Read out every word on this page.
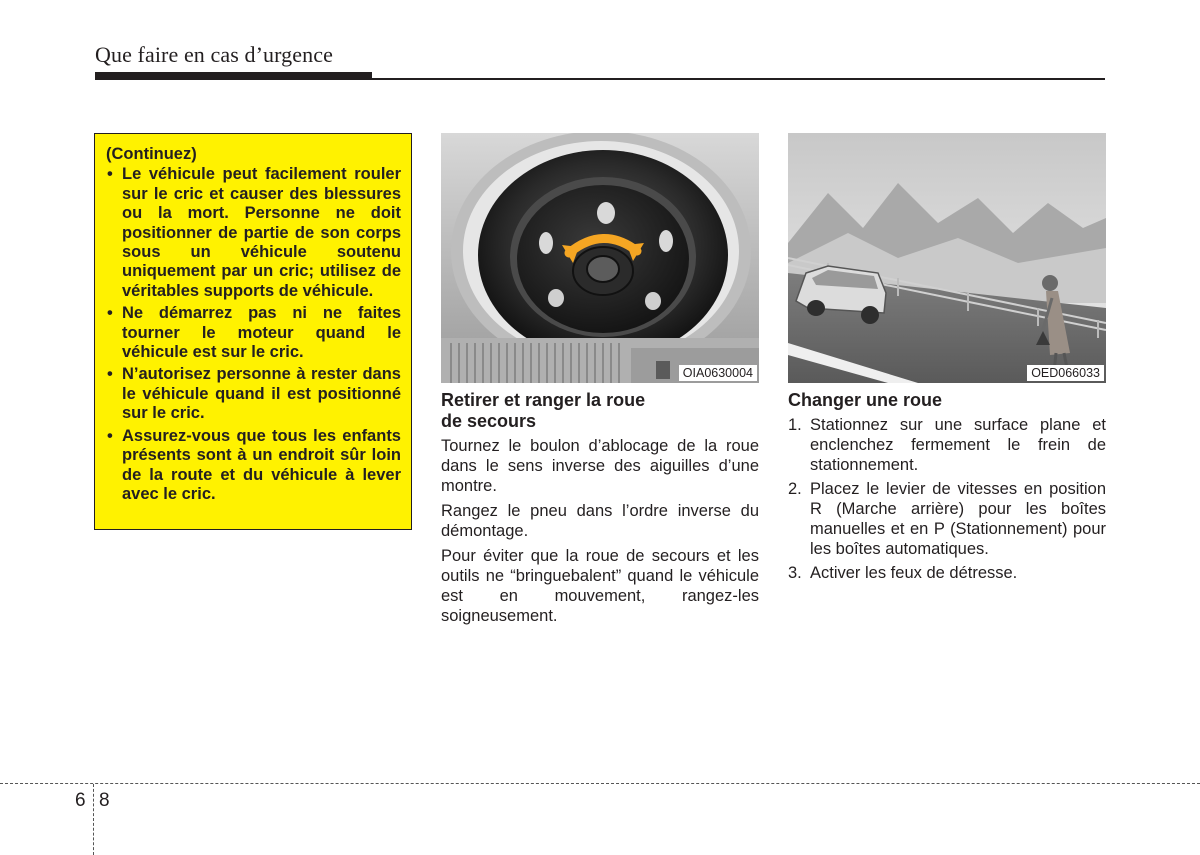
Que faire en cas d’urgence
(Continuez)
• Le véhicule peut facilement rouler sur le cric et causer des blessures ou la mort. Personne ne doit positionner de partie de son corps sous un véhicule soutenu uniquement par un cric; utilisez de véritables supports de véhicule.
• Ne démarrez pas ni ne faites tourner le moteur quand le véhicule est sur le cric.
• N’autorisez personne à rester dans le véhicule quand il est positionné sur le cric.
• Assurez-vous que tous les enfants présents sont à un endroit sûr loin de la route et du véhicule à lever avec le cric.
OIA0630004	OED066033
Retirer et ranger la roue
de secours

Tournez le boulon d’ablocage de la roue dans le sens inverse des aiguilles d’une montre.

Rangez le pneu dans l’ordre inverse du démontage.

Pour éviter que la roue de secours et les outils ne “bringuebalent” quand le véhicule est en mouvement, rangez-les soigneusement.

Changer une roue
1. Stationnez sur une surface plane et enclenchez fermement le frein de stationnement.
2. Placez le levier de vitesses en position R (Marche arrière) pour les boîtes manuelles et en P (Stationnement) pour les boîtes automatiques.
3. Activer les feux de détresse.
6 8
